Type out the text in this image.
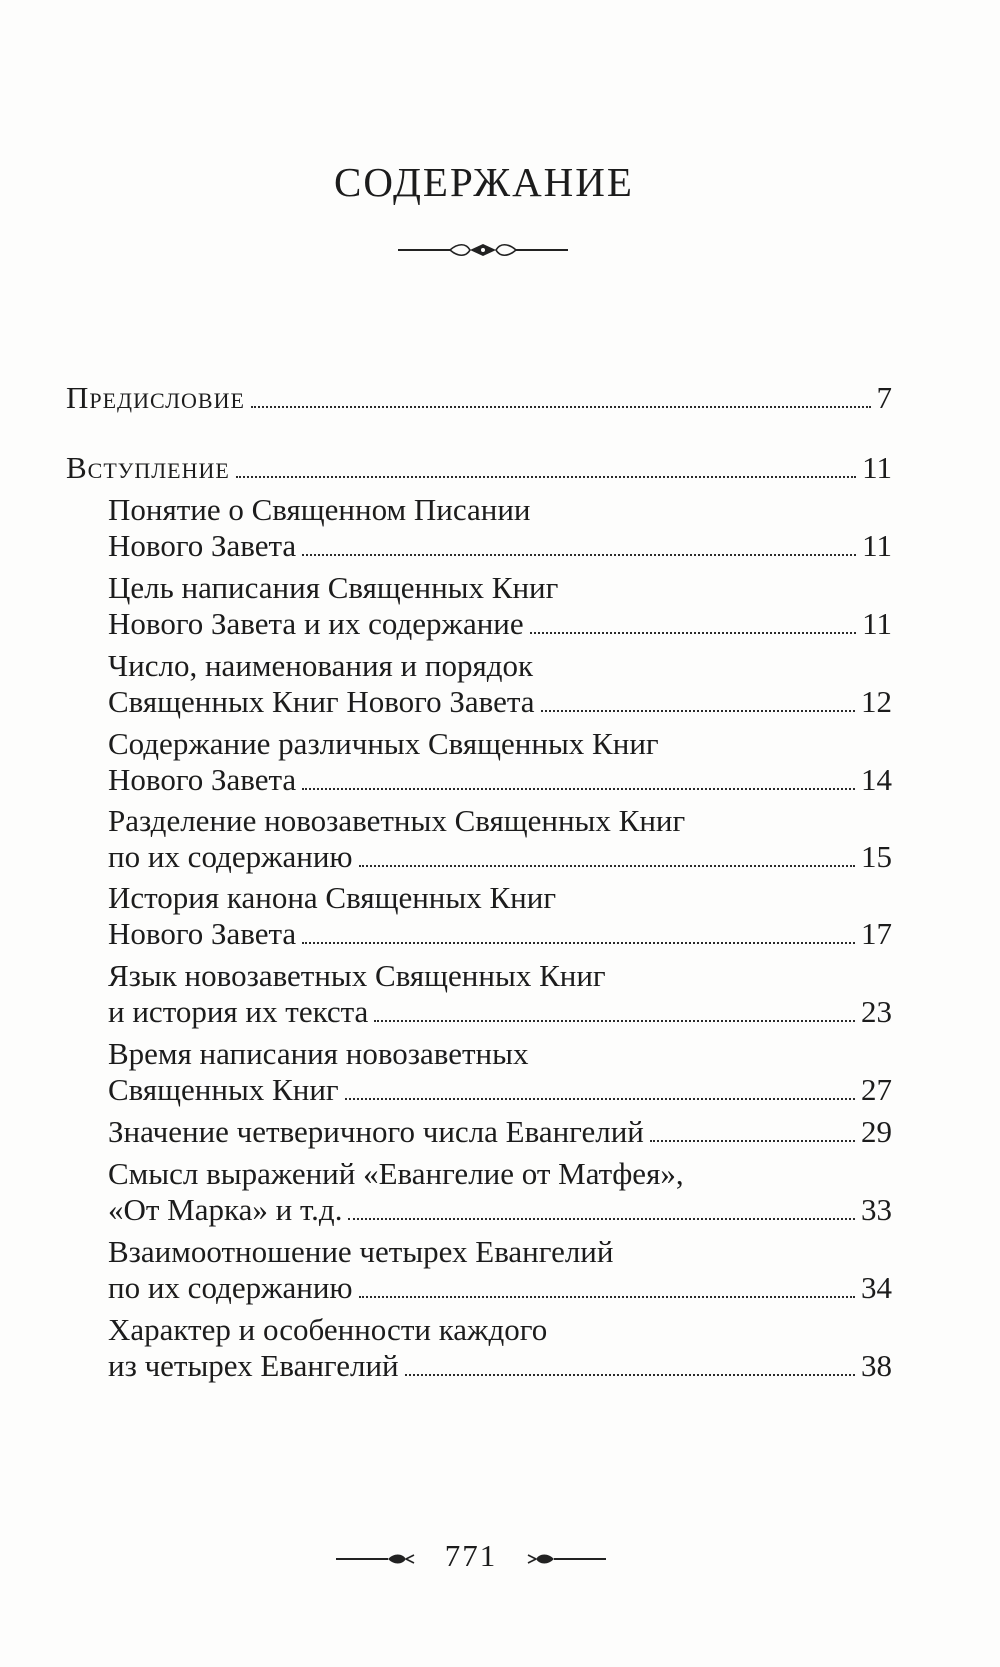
СОДЕРЖАНИЕ
Предисловие	7
Вступление	11
Понятие о Священном Писании
Нового Завета	11
Цель написания Священных Книг
Нового Завета и их содержание	11
Число, наименования и порядок
Священных Книг Нового Завета	12
Содержание различных Священных Книг
Нового Завета	14
Разделение новозаветных Священных Книг
по их содержанию	15
История канона Священных Книг
Нового Завета	17
Язык новозаветных Священных Книг
и история их текста	23
Время написания новозаветных
Священных Книг	27
Значение четверичного числа Евангелий	29
Смысл выражений «Евангелие от Матфея»,
«От Марка» и т.д.	33
Взаимоотношение четырех Евангелий
по их содержанию	34
Характер и особенности каждого
из четырех Евангелий	38
771
